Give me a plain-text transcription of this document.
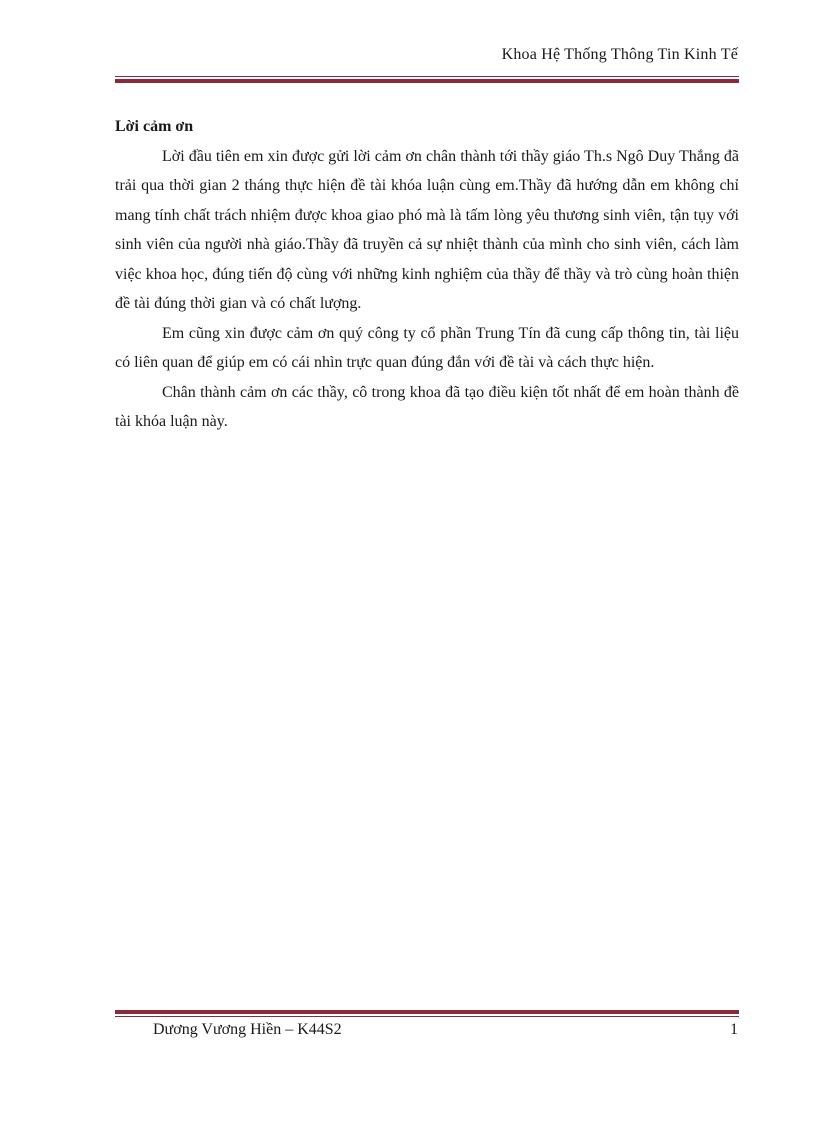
Khoa Hệ Thống Thông Tin Kinh Tế

Lời cảm ơn

Lời đầu tiên em xin được gửi lời cảm ơn chân thành tới thầy giáo Th.s Ngô Duy Thắng đã trải qua thời gian 2 tháng thực hiện đề tài khóa luận cùng em.Thầy đã hướng dẫn em không chỉ mang tính chất trách nhiệm được khoa giao phó mà là tấm lòng yêu thương sinh viên, tận tụy với sinh viên của người nhà giáo.Thầy đã truyền cả sự nhiệt thành của mình cho sinh viên, cách làm việc khoa học, đúng tiến độ cùng với những kinh nghiệm của thầy để thầy và trò cùng hoàn thiện đề tài đúng thời gian và có chất lượng.

Em cũng xin được cảm ơn quý công ty cổ phần Trung Tín đã cung cấp thông tin, tài liệu có liên quan để giúp em có cái nhìn trực quan đúng đắn với đề tài và cách thực hiện.

Chân thành cảm ơn các thầy, cô trong khoa đã tạo điều kiện tốt nhất để em hoàn thành đề tài khóa luận này.

Dương Vương Hiền – K44S2	1
